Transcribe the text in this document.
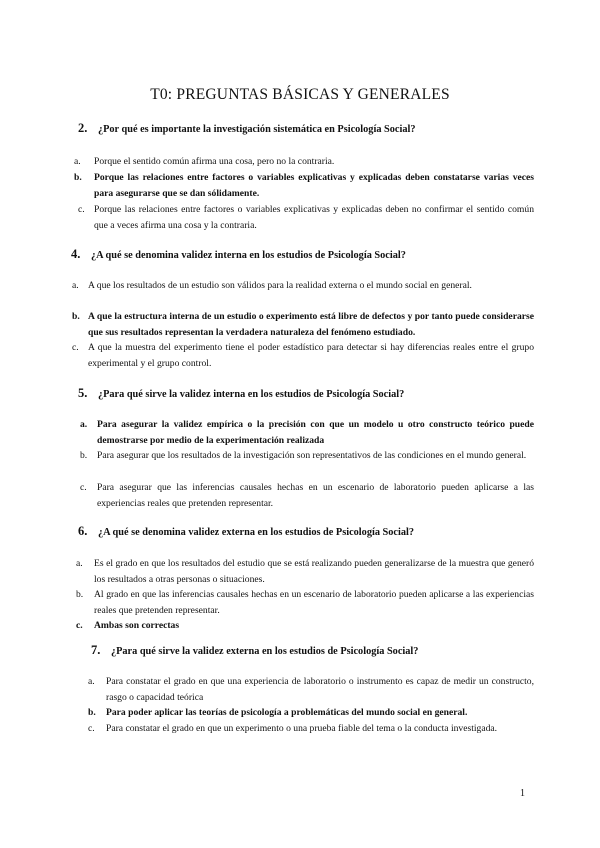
T0: PREGUNTAS BÁSICAS Y GENERALES
2. ¿Por qué es importante la investigación sistemática en Psicología Social?
a.	Porque el sentido común afirma una cosa, pero no la contraria.
b.	Porque las relaciones entre factores o variables explicativas y explicadas deben constatarse varias veces para asegurarse que se dan sólidamente.
c. Porque las relaciones entre factores o variables explicativas y explicadas deben no confirmar el sentido común que a veces afirma una cosa y la contraria.
4. ¿A qué se denomina validez interna en los estudios de Psicología Social?
a. A que los resultados de un estudio son válidos para la realidad externa o el mundo social en general.
b. A que la estructura interna de un estudio o experimento está libre de defectos y por tanto puede considerarse que sus resultados representan la verdadera naturaleza del fenómeno estudiado.
c. A que la muestra del experimento tiene el poder estadístico para detectar si hay diferencias reales entre el grupo experimental y el grupo control.
5. ¿Para qué sirve la validez interna en los estudios de Psicología Social?
a.	Para asegurar la validez empírica o la precisión con que un modelo u otro constructo teórico puede demostrarse por medio de la experimentación realizada
b.	Para asegurar que los resultados de la investigación son representativos de las condiciones en el mundo general.
c.	Para asegurar que las inferencias causales hechas en un escenario de laboratorio pueden aplicarse a las experiencias reales que pretenden representar.
6. ¿A qué se denomina validez externa en los estudios de Psicología Social?
a.	Es el grado en que los resultados del estudio que se está realizando pueden generalizarse de la muestra que generó los resultados a otras personas o situaciones.
b.	Al grado en que las inferencias causales hechas en un escenario de laboratorio pueden aplicarse a las experiencias reales que pretenden representar.
c.	Ambas son correctas
7. ¿Para qué sirve la validez externa en los estudios de Psicología Social?
a.	Para constatar el grado en que una experiencia de laboratorio o instrumento es capaz de medir un constructo, rasgo o capacidad teórica
b.	Para poder aplicar las teorías de psicología a problemáticas del mundo social en general.
c.	Para constatar el grado en que un experimento o una prueba fiable del tema o la conducta investigada.
1
